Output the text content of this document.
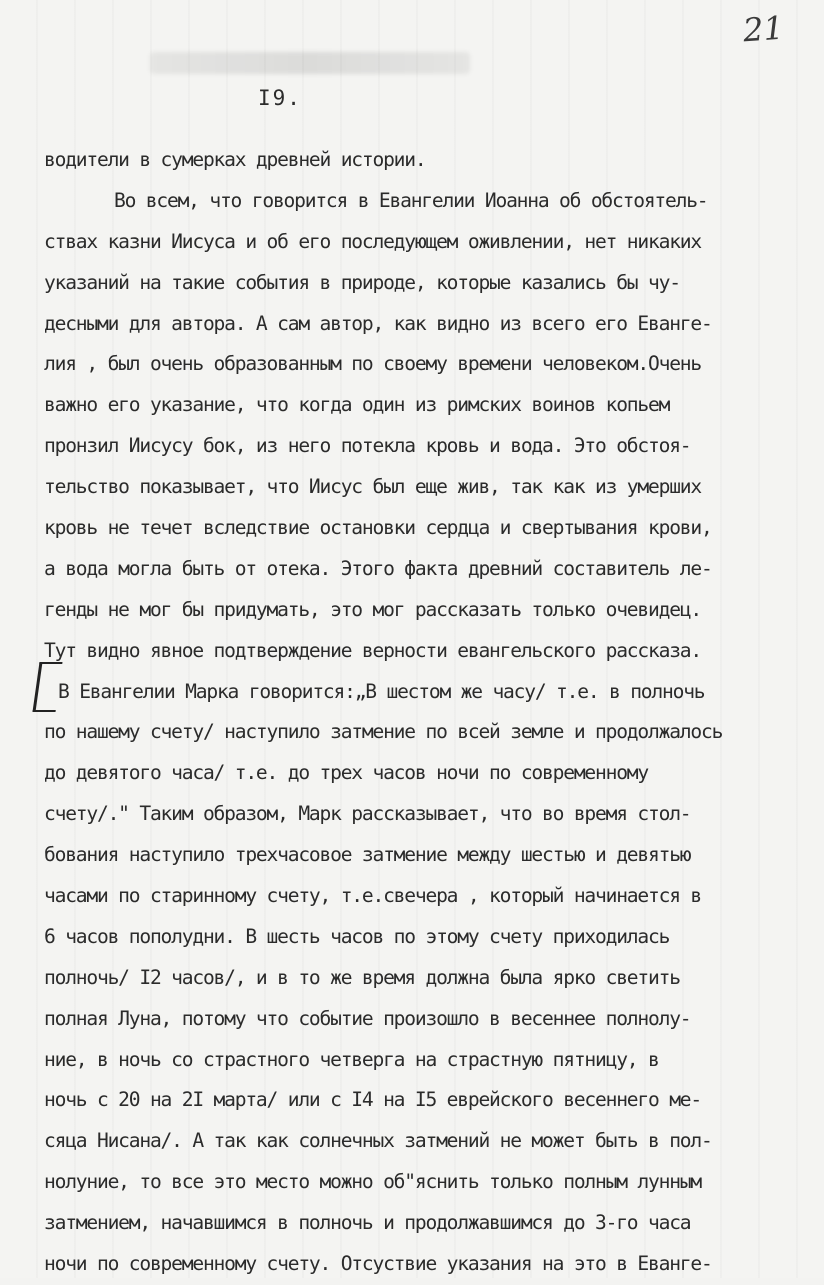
21
I9.
водители в сумерках древней истории.
Во всем, что говорится в Евангелии Иоанна об обстоятель-
ствах казни Иисуса и об его последующем оживлении, нет никаких
указаний на такие события в природе, которые казались бы чу-
десными для автора. А сам автор, как видно из всего его Еванге-
лия , был очень образованным по своему времени человеком.Очень
важно его указание, что когда один из римских воинов копьем
пронзил Иисусу бок, из него потекла кровь и вода. Это обстоя-
тельство показывает, что Иисус был еще жив, так как из умерших
кровь не течет вследствие остановки сердца и свертывания крови,
а вода могла быть от отека. Этого факта древний составитель ле-
генды не мог бы придумать, это мог рассказать только очевидец.
Тут видно явное подтверждение верности евангельского рассказа.
В Евангелии Марка говорится:„В шестом же часу/ т.е. в полночь
по нашему счету/ наступило затмение по всей земле и продолжалось
до девятого часа/ т.е. до трех часов ночи по современному
счету/." Таким образом, Марк рассказывает, что во время стол-
бования наступило трехчасовое затмение между шестью и девятью
часами по старинному счету, т.е.свечера , который начинается в
6 часов пополудни. В шесть часов по этому счету приходилась
полночь/ I2 часов/, и в то же время должна была ярко светить
полная Луна, потому что событие произошло в весеннее полнолу-
ние, в ночь со страстного четверга на страстную пятницу, в
ночь с 20 на 2I марта/ или с I4 на I5 еврейского весеннего ме-
сяца Нисана/. А так как солнечных затмений не может быть в пол-
нолуние, то все это место можно об"яснить только полным лунным
затмением, начавшимся в полночь и продолжавшимся до 3-го часа
ночи по современному счету. Отсуствие указания на это в Еванге-
